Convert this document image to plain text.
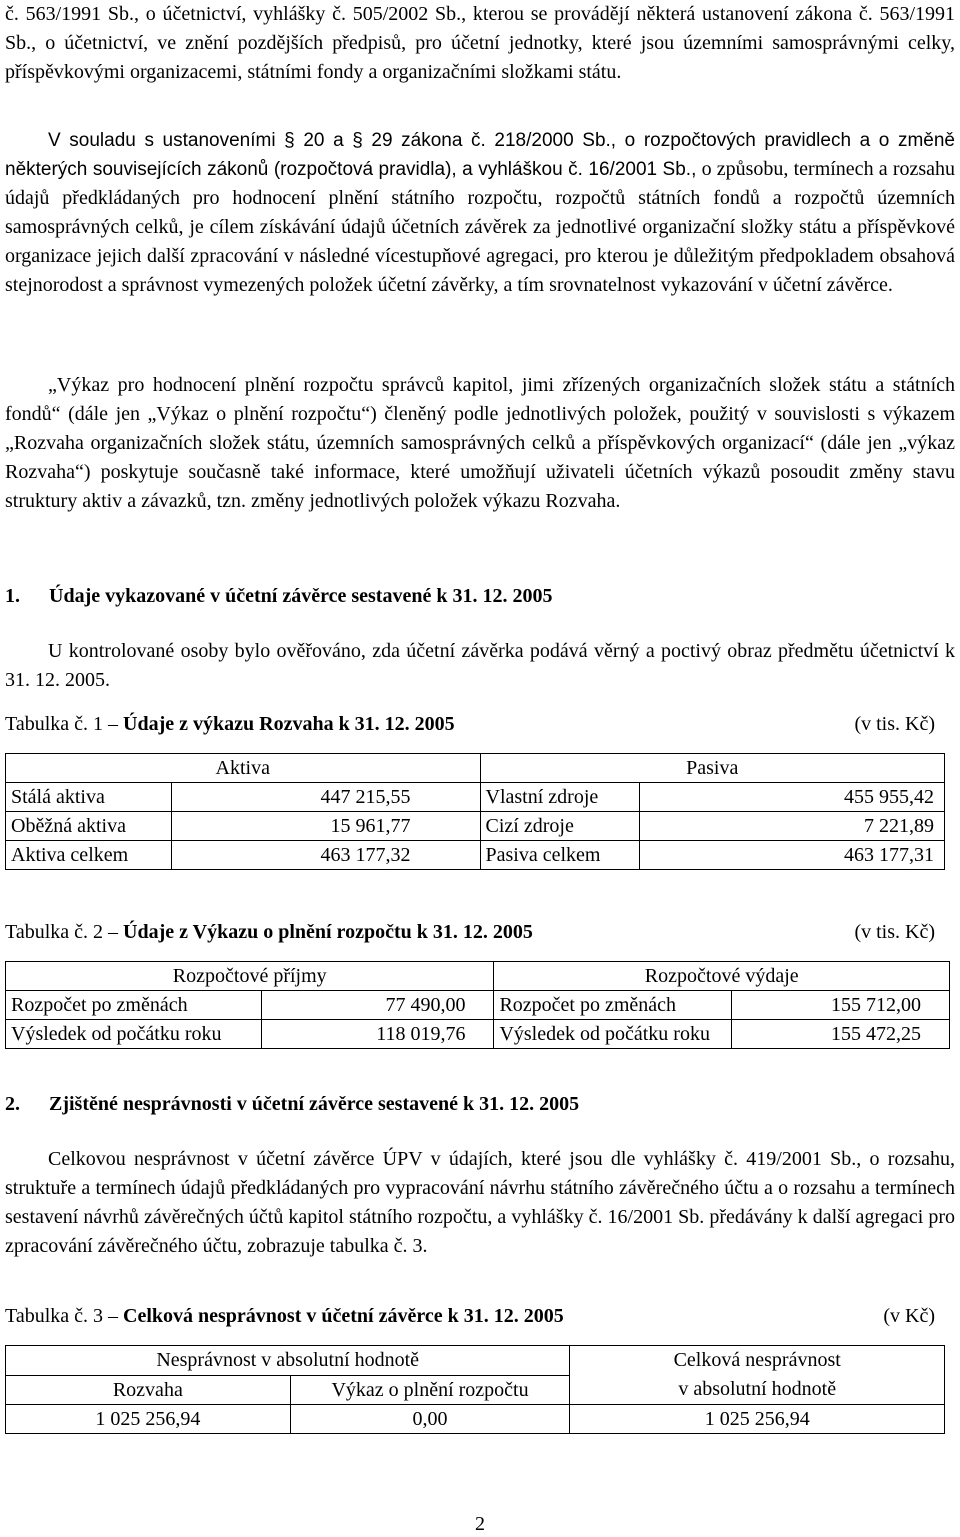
č. 563/1991 Sb., o účetnictví, vyhlášky č. 505/2002 Sb., kterou se provádějí některá ustanovení zákona č. 563/1991 Sb., o účetnictví, ve znění pozdějších předpisů, pro účetní jednotky, které jsou územními samosprávnými celky, příspěvkovými organizacemi, státními fondy a organizačními složkami státu.

V souladu s ustanoveními § 20 a § 29 zákona č. 218/2000 Sb., o rozpočtových pravidlech a o změně některých souvisejících zákonů (rozpočtová pravidla), a vyhláškou č. 16/2001 Sb., o způsobu, termínech a rozsahu údajů předkládaných pro hodnocení plnění státního rozpočtu, rozpočtů státních fondů a rozpočtů územních samosprávných celků, je cílem získávání údajů účetních závěrek za jednotlivé organizační složky státu a příspěvkové organizace jejich další zpracování v následné vícestupňové agregaci, pro kterou je důležitým předpokladem obsahová stejnorodost a správnost vymezených položek účetní závěrky, a tím srovnatelnost vykazování v účetní závěrce.

„Výkaz pro hodnocení plnění rozpočtu správců kapitol, jimi zřízených organizačních složek státu a státních fondů“ (dále jen „Výkaz o plnění rozpočtu“) členěný podle jednotlivých položek, použitý v souvislosti s výkazem „Rozvaha organizačních složek státu, územních samosprávných celků a příspěvkových organizací“ (dále jen „výkaz Rozvaha“) poskytuje současně také informace, které umožňují uživateli účetních výkazů posoudit změny stavu struktury aktiv a závazků, tzn. změny jednotlivých položek výkazu Rozvaha.

1.	Údaje vykazované v účetní závěrce sestavené k 31. 12. 2005

U kontrolované osoby bylo ověřováno, zda účetní závěrka podává věrný a poctivý obraz předmětu účetnictví k 31. 12. 2005.

Tabulka č. 1 – Údaje z výkazu Rozvaha k 31. 12. 2005	(v tis. Kč)
Aktiva		Pasiva	
Stálá aktiva	447 215,55	Vlastní zdroje	455 955,42
Oběžná aktiva	15 961,77	Cizí zdroje	7 221,89
Aktiva celkem	463 177,32	Pasiva celkem	463 177,31
Tabulka č. 2 – Údaje z Výkazu o plnění rozpočtu k 31. 12. 2005	(v tis. Kč)
Rozpočtové příjmy		Rozpočtové výdaje	
Rozpočet po změnách	77 490,00	Rozpočet po změnách	155 712,00
Výsledek od počátku roku	118 019,76	Výsledek od počátku roku	155 472,25
2.	Zjištěné nesprávnosti v účetní závěrce sestavené k 31. 12. 2005

Celkovou nesprávnost v účetní závěrce ÚPV v údajích, které jsou dle vyhlášky č. 419/2001 Sb., o rozsahu, struktuře a termínech údajů předkládaných pro vypracování návrhu státního závěrečného účtu a o rozsahu a termínech sestavení návrhů závěrečných účtů kapitol státního rozpočtu, a vyhlášky č. 16/2001 Sb. předávány k další agregaci pro zpracování závěrečného účtu, zobrazuje tabulka č. 3.

Tabulka č. 3 – Celková nesprávnost v účetní závěrce k 31. 12. 2005	(v Kč)
Nesprávnost v absolutní hodnotě		Celková nesprávnost
v absolutní hodnotě

Rozvaha	Výkaz o plnění rozpočtu	
1 025 256,94	0,00	1 025 256,94
2
